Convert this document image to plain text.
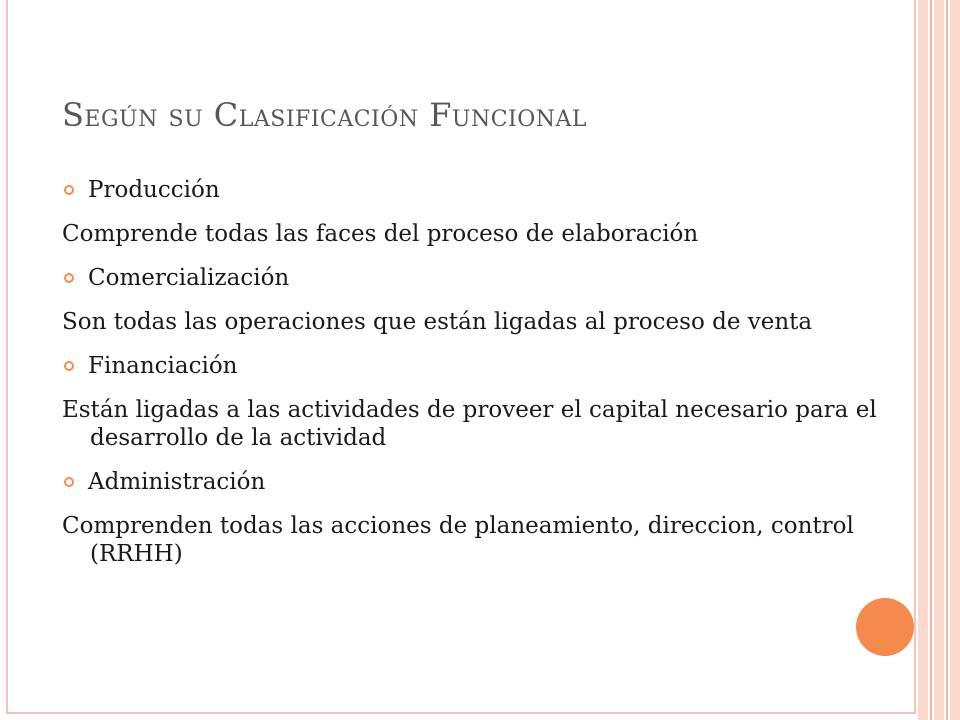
Según su Clasificación Funcional
Producción
Comprende todas las faces del proceso de elaboración
Comercialización
Son todas las operaciones que están ligadas al proceso de venta
Financiación
Están ligadas a las actividades de proveer el capital necesario para el desarrollo de la actividad
Administración
Comprenden todas las acciones de planeamiento, direccion, control (RRHH)
